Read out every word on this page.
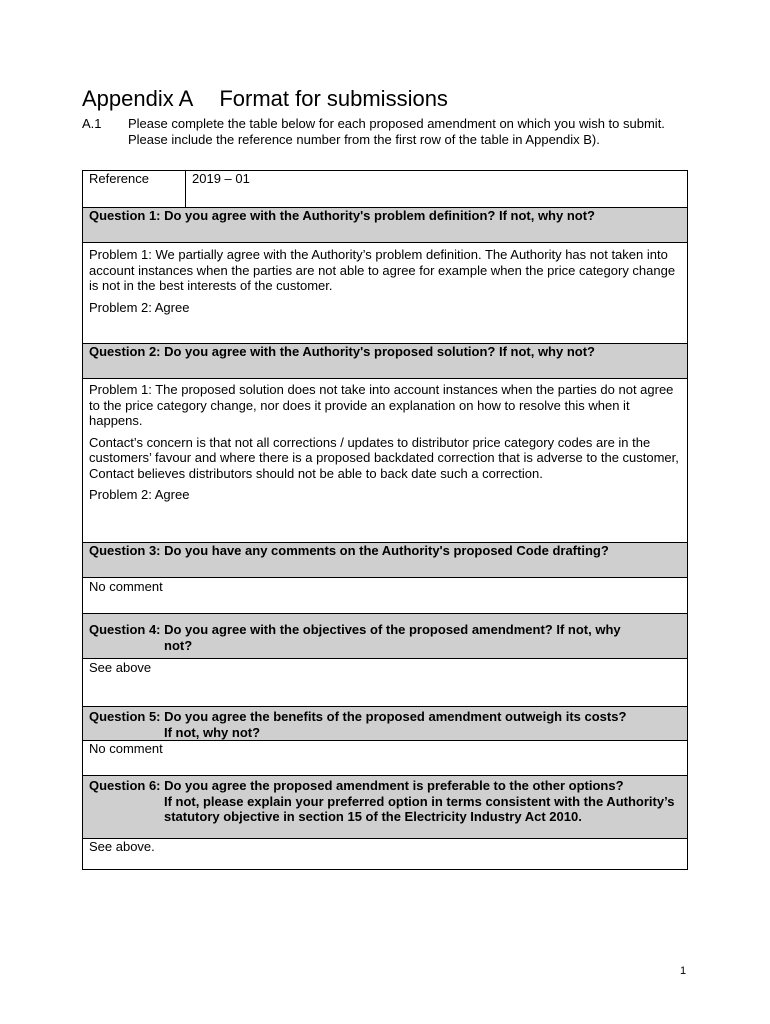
Appendix A Format for submissions
A.1 Please complete the table below for each proposed amendment on which you wish to submit. Please include the reference number from the first row of the table in Appendix B).
Reference	2019 – 01
Question 1: Do you agree with the Authority's problem definition? If not, why not?

Problem 1: We partially agree with the Authority’s problem definition. The Authority has not taken into account instances when the parties are not able to agree for example when the price category change is not in the best interests of the customer.

Problem 2: Agree

Question 2: Do you agree with the Authority's proposed solution? If not, why not?

Problem 1: The proposed solution does not take into account instances when the parties do not agree to the price category change, nor does it provide an explanation on how to resolve this when it happens.

Contact’s concern is that not all corrections / updates to distributor price category codes are in the customers’ favour and where there is a proposed backdated correction that is adverse to the customer, Contact believes distributors should not be able to back date such a correction.

Problem 2: Agree

Question 3: Do you have any comments on the Authority's proposed Code drafting?

No comment

Question 4: Do you agree with the objectives of the proposed amendment? If not, why
not?

See above

Question 5: Do you agree the benefits of the proposed amendment outweigh its costs?
If not, why not?

No comment

Question 6: Do you agree the proposed amendment is preferable to the other options?
If not, please explain your preferred option in terms consistent with the Authority’s statutory objective in section 15 of the Electricity Industry Act 2010.

See above.

1
